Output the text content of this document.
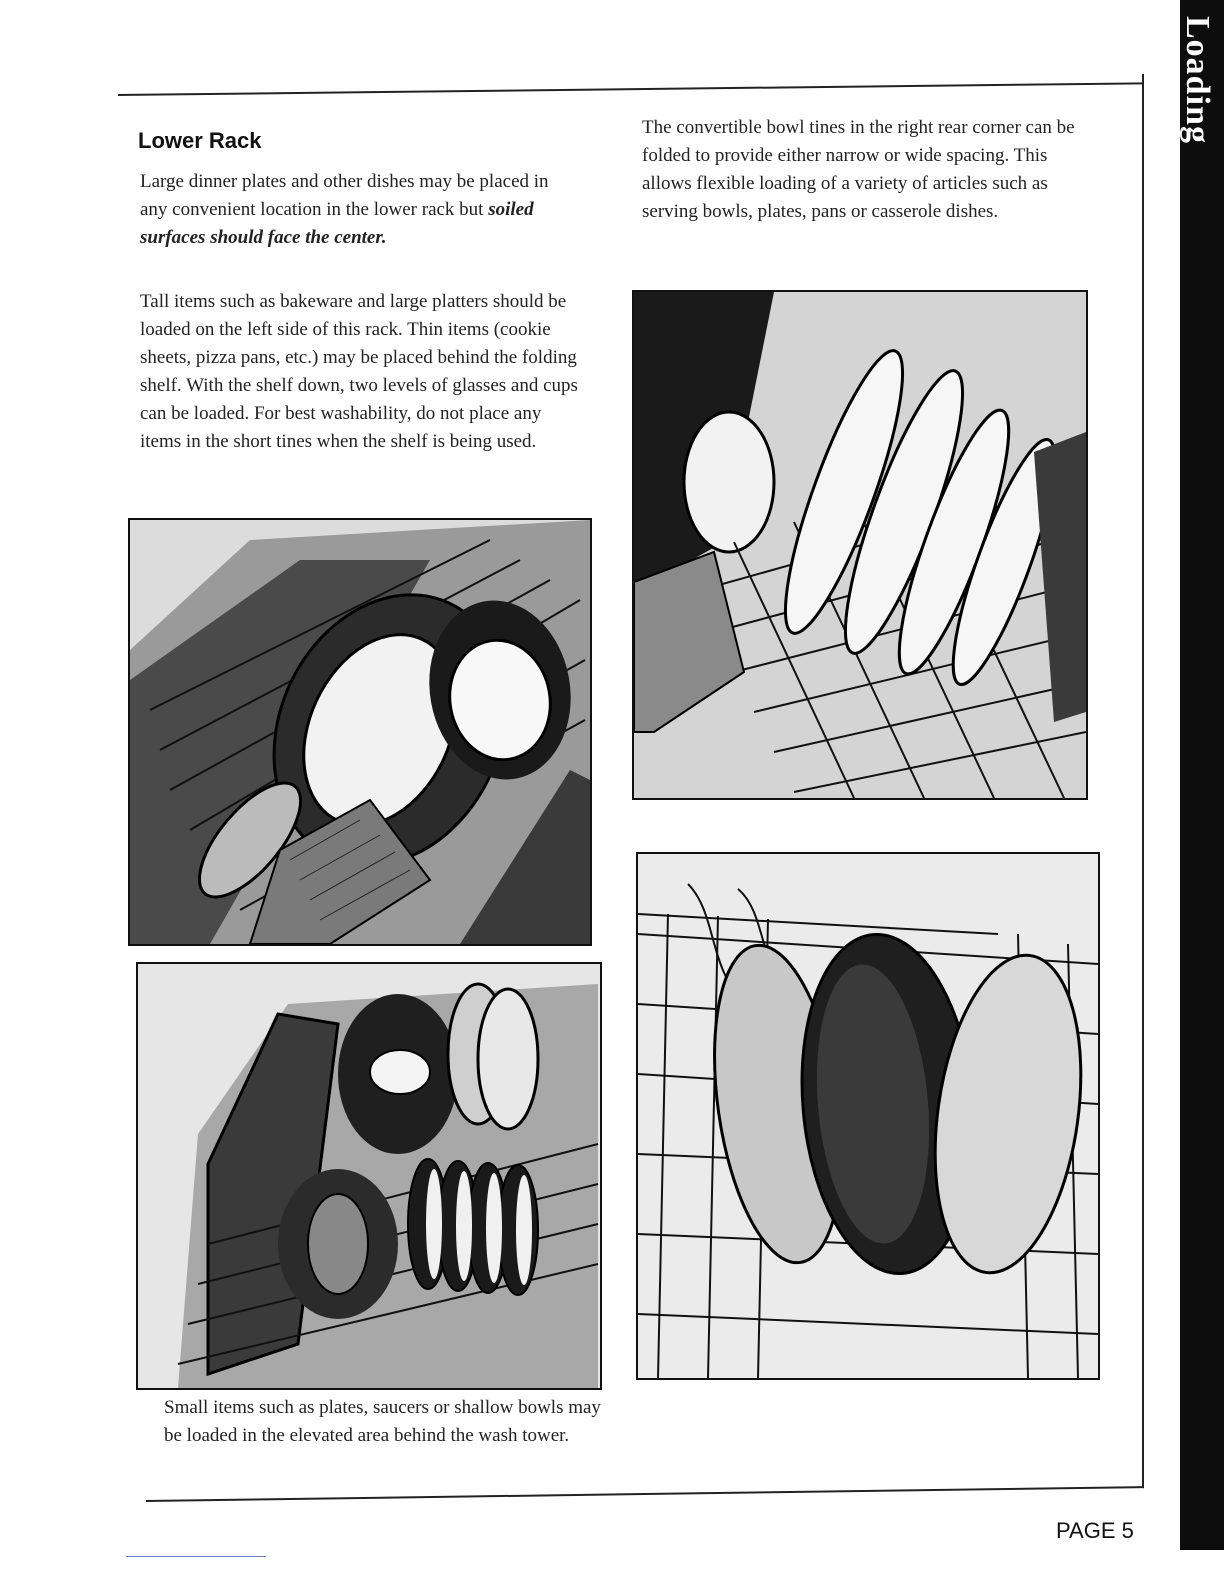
Loading
Lower Rack

Large dinner plates and other dishes may be placed in any convenient location in the lower rack but soiled surfaces should face the center.

Tall items such as bakeware and large platters should be loaded on the left side of this rack. Thin items (cookie sheets, pizza pans, etc.) may be placed behind the folding shelf. With the shelf down, two levels of glasses and cups can be loaded. For best washability, do not place any items in the short tines when the shelf is being used.

The convertible bowl tines in the right rear corner can be folded to provide either narrow or wide spacing. This allows flexible loading of a variety of articles such as serving bowls, plates, pans or casserole dishes.

Small items such as plates, saucers or shallow bowls may be loaded in the elevated area behind the wash tower.

PAGE 5
